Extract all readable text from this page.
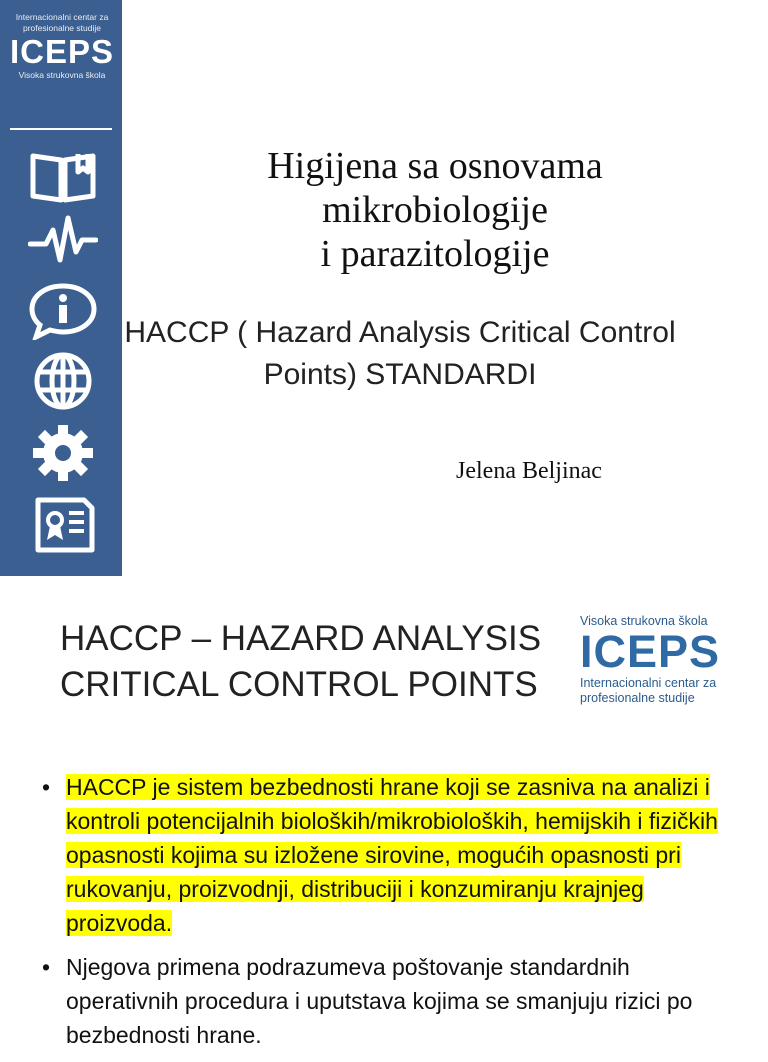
Internacionalni centar za profesionalne studije
ICEPS
Visoka strukovna škola
Higijena sa osnovama
mikrobiologije
i parazitologije
HACCP ( Hazard Analysis Critical Control Points) STANDARDI
Jelena Beljinac
HACCP – HAZARD ANALYSIS CRITICAL CONTROL POINTS
Visoka strukovna škola
ICEPS
Internacionalni centar za profesionalne studije
• HACCP je sistem bezbednosti hrane koji se zasniva na analizi i kontroli potencijalnih bioloških/mikrobioloških, hemijskih i fizičkih opasnosti kojima su izložene sirovine, mogućih opasnosti pri rukovanju, proizvodnji, distribuciji i konzumiranju krajnjeg proizvoda.
• Njegova primena podrazumeva poštovanje standardnih operativnih procedura i uputstava kojima se smanjuju rizici po bezbednosti hrane.
